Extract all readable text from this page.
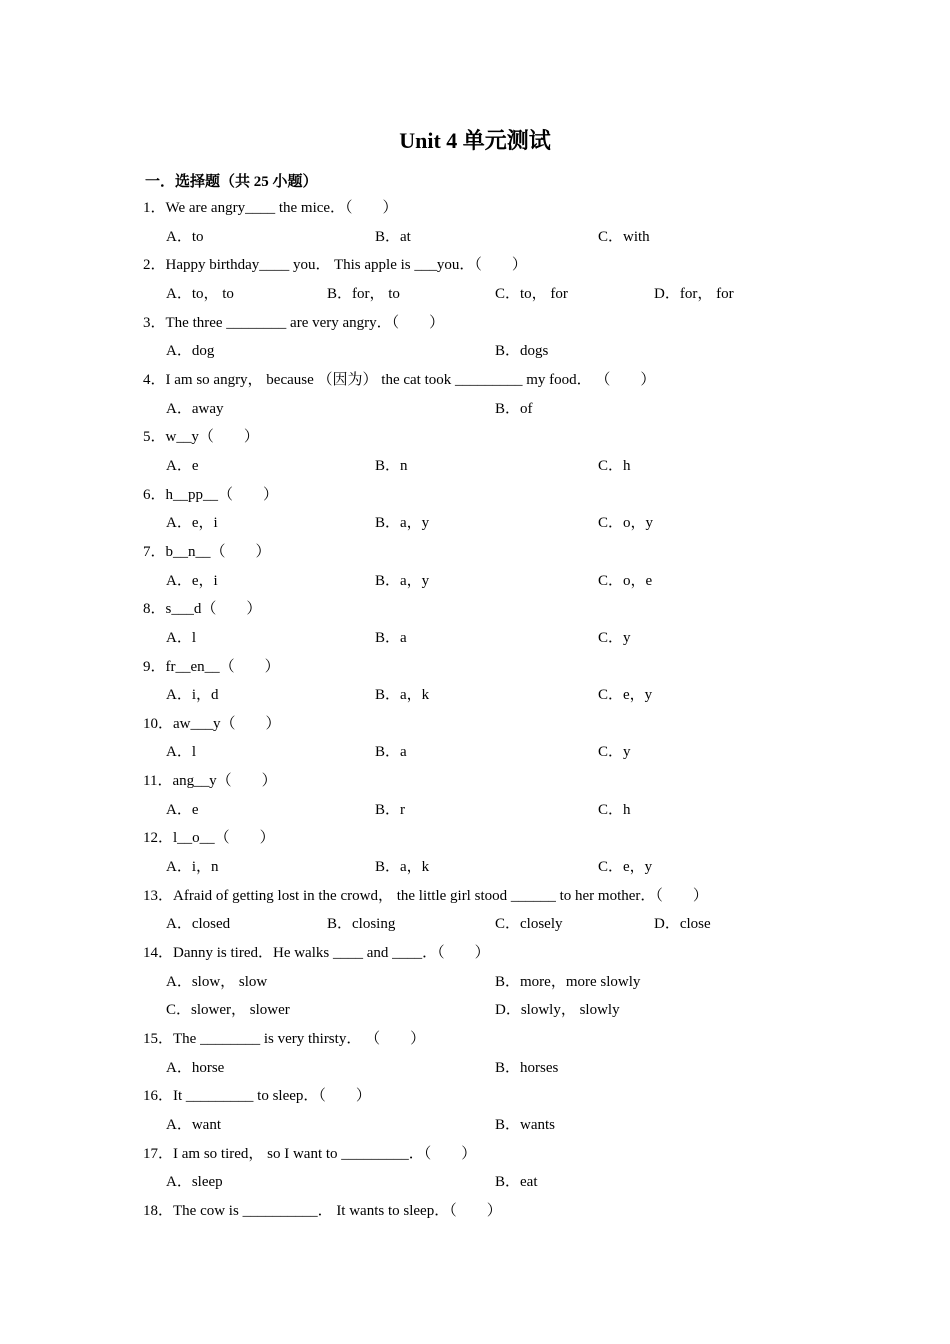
Unit 4 单元测试
一．选择题（共 25 小题）
1．We are angry____ the mice．（　　）
A．to	B．at	C．with
2．Happy birthday____ you． This apple is ___you．（　　）
A．to， to	B．for， to	C．to， for	D．for， for
3．The three ________ are very angry．（　　）
A．dog	B．dogs
4．I am so angry， because （因为） the cat took _________ my food． （　　）
A．away	B．of
5．w__y（　　）
A．e	B．n	C．h
6．h__pp__（　　）
A．e，i	B．a，y	C．o，y
7．b__n__（　　）
A．e，i	B．a，y	C．o，e
8．s___d（　　）
A．l	B．a	C．y
9．fr__en__（　　）
A．i，d	B．a，k	C．e，y
10．aw___y（　　）
A．l	B．a	C．y
11．ang__y（　　）
A．e	B．r	C．h
12．l__o__（　　）
A．i，n	B．a，k	C．e，y
13．Afraid of getting lost in the crowd， the little girl stood ______ to her mother．（　　）
A．closed	B．closing	C．closely	D．close
14．Danny is tired．He walks ____ and ____．（　　）
A．slow， slow	B．more，more slowly
C．slower， slower	D．slowly， slowly
15．The ________ is very thirsty． （　　）
A．horse	B．horses
16．It _________ to sleep．（　　）
A．want	B．wants
17．I am so tired， so I want to _________．（　　）
A．sleep	B．eat
18．The cow is __________． It wants to sleep．（　　）
